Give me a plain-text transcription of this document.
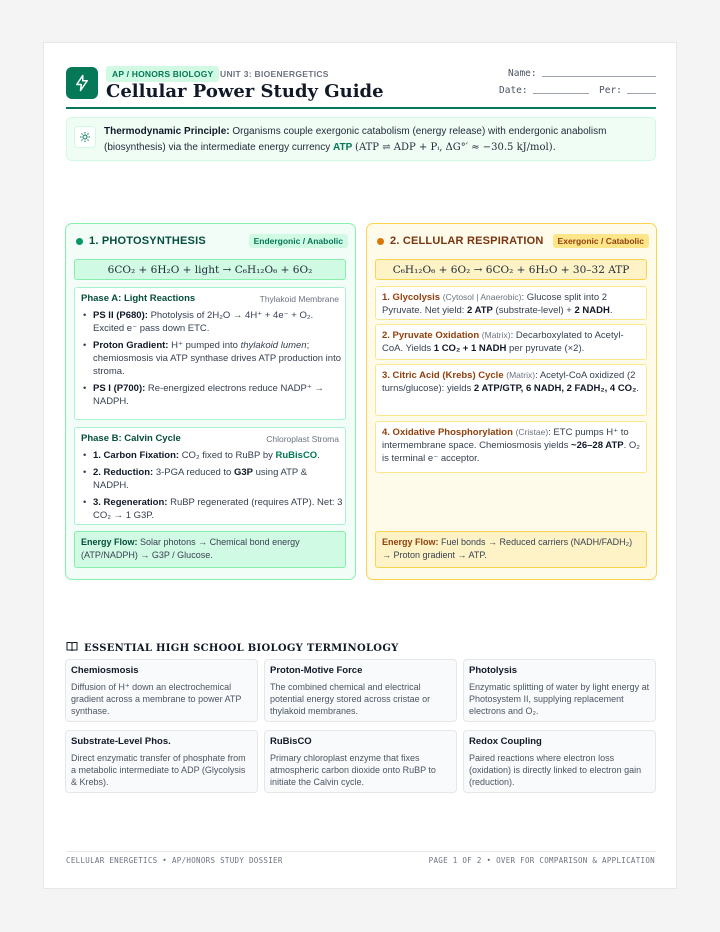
AP / HONORS BIOLOGY UNIT 3: BIOENERGETICS
Cellular Power Study Guide
Name:
Date:	Per:
Thermodynamic Principle: Organisms couple exergonic catabolism (energy release) with endergonic anabolism (biosynthesis) via the intermediate energy currency ATP (ATP ⇌ ADP + Pᵢ, ΔG°′ ≈ −30.5 kJ/mol).
1. PHOTOSYNTHESIS	Endergonic / Anabolic
6CO₂ + 6H₂O + light → C₆H₁₂O₆ + 6O₂
Phase A: Light Reactions	Thylakoid Membrane
• PS II (P680): Photolysis of 2H₂O → 4H⁺ + 4e⁻ + O₂. Excited e⁻ pass down ETC.
• Proton Gradient: H⁺ pumped into thylakoid lumen; chemiosmosis via ATP synthase drives ATP production into stroma.
• PS I (P700): Re-energized electrons reduce NADP⁺ → NADPH.
Phase B: Calvin Cycle	Chloroplast Stroma
• 1. Carbon Fixation: CO₂ fixed to RuBP by RuBisCO.
• 2. Reduction: 3-PGA reduced to G3P using ATP & NADPH.
• 3. Regeneration: RuBP regenerated (requires ATP). Net: 3 CO₂ → 1 G3P.
Energy Flow: Solar photons → Chemical bond energy (ATP/NADPH) → G3P / Glucose.
2. CELLULAR RESPIRATION	Exergonic / Catabolic
C₆H₁₂O₆ + 6O₂ → 6CO₂ + 6H₂O + 30–32 ATP
1. Glycolysis (Cytosol | Anaerobic): Glucose split into 2 Pyruvate. Net yield: 2 ATP (substrate-level) + 2 NADH.
2. Pyruvate Oxidation (Matrix): Decarboxylated to Acetyl-CoA. Yields 1 CO₂ + 1 NADH per pyruvate (×2).
3. Citric Acid (Krebs) Cycle (Matrix): Acetyl-CoA oxidized (2 turns/glucose): yields 2 ATP/GTP, 6 NADH, 2 FADH₂, 4 CO₂.
4. Oxidative Phosphorylation (Cristae): ETC pumps H⁺ to intermembrane space. Chemiosmosis yields ~26–28 ATP. O₂ is terminal e⁻ acceptor.
Energy Flow: Fuel bonds → Reduced carriers (NADH/FADH₂) → Proton gradient → ATP.
ESSENTIAL HIGH SCHOOL BIOLOGY TERMINOLOGY
Chemiosmosis
Diffusion of H⁺ down an electrochemical gradient across a membrane to power ATP synthase.
Proton-Motive Force
The combined chemical and electrical potential energy stored across cristae or thylakoid membranes.
Photolysis
Enzymatic splitting of water by light energy at Photosystem II, supplying replacement electrons and O₂.
Substrate-Level Phos.
Direct enzymatic transfer of phosphate from a metabolic intermediate to ADP (Glycolysis & Krebs).
RuBisCO
Primary chloroplast enzyme that fixes atmospheric carbon dioxide onto RuBP to initiate the Calvin cycle.
Redox Coupling
Paired reactions where electron loss (oxidation) is directly linked to electron gain (reduction).
CELLULAR ENERGETICS • AP/HONORS STUDY DOSSIER	PAGE 1 OF 2 • OVER FOR COMPARISON & APPLICATION
